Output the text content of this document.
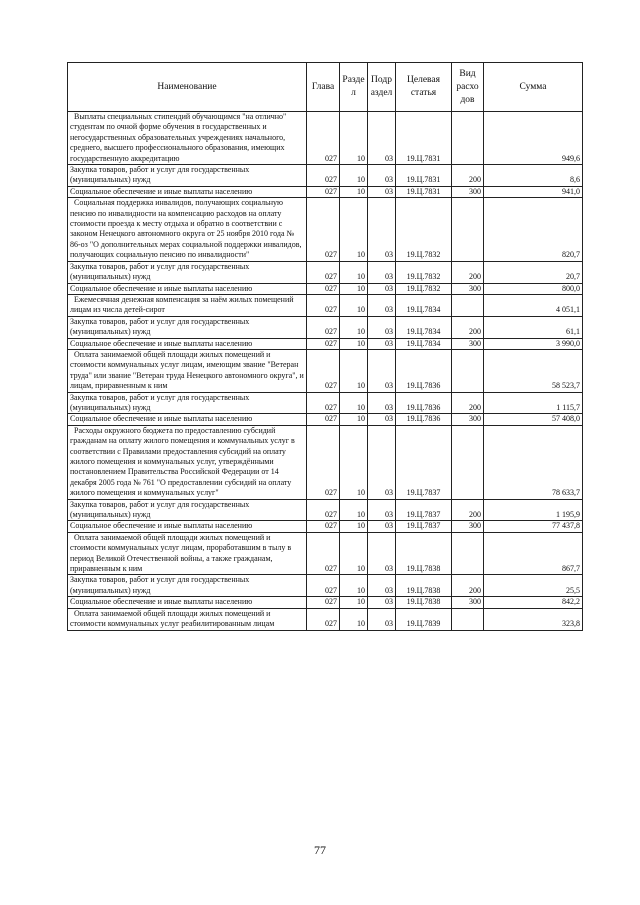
Наименование	Глава	Разде л	Подр аздел	Целевая статья	Вид расхо дов	Сумма
Выплаты специальных стипендий обучающимся "на отлично" студентам по очной форме обучения в государственных и негосударственных образовательных учреждениях начального, среднего, высшего профессионального образования, имеющих государственную аккредитацию	027	10	03	19.Ц.7831		949,6
Закупка товаров, работ и услуг для государственных (муниципальных) нужд	027	10	03	19.Ц.7831	200	8,6
Социальное обеспечение и иные выплаты населению	027	10	03	19.Ц.7831	300	941,0
Социальная поддержка инвалидов, получающих социальную пенсию по инвалидности на компенсацию расходов на оплату стоимости проезда к месту отдыха и обратно в соответствии с законом Ненецкого автономного округа от 25 ноября 2010 года № 86-оз "О дополнительных мерах социальной поддержки инвалидов, получающих социальную пенсию по инвалидности"	027	10	03	19.Ц.7832		820,7
Закупка товаров, работ и услуг для государственных (муниципальных) нужд	027	10	03	19.Ц.7832	200	20,7
Социальное обеспечение и иные выплаты населению	027	10	03	19.Ц.7832	300	800,0
Ежемесячная денежная компенсация за наём жилых помещений лицам из числа детей-сирот	027	10	03	19.Ц.7834		4 051,1
Закупка товаров, работ и услуг для государственных (муниципальных) нужд	027	10	03	19.Ц.7834	200	61,1
Социальное обеспечение и иные выплаты населению	027	10	03	19.Ц.7834	300	3 990,0
Оплата занимаемой общей площади жилых помещений и стоимости коммунальных услуг лицам, имеющим звание "Ветеран труда" или звание "Ветеран труда Ненецкого автономного округа", и лицам, приравненным к ним	027	10	03	19.Ц.7836		58 523,7
Закупка товаров, работ и услуг для государственных (муниципальных) нужд	027	10	03	19.Ц.7836	200	1 115,7
Социальное обеспечение и иные выплаты населению	027	10	03	19.Ц.7836	300	57 408,0
Расходы окружного бюджета по предоставлению субсидий гражданам на оплату жилого помещения и коммунальных услуг в соответствии с Правилами предоставления субсидий на оплату жилого помещения и коммунальных услуг, утверждёнными постановлением Правительства Российской Федерации от 14 декабря 2005 года № 761 "О предоставлении субсидий на оплату жилого помещения и коммунальных услуг"	027	10	03	19.Ц.7837		78 633,7
Закупка товаров, работ и услуг для государственных (муниципальных) нужд	027	10	03	19.Ц.7837	200	1 195,9
Социальное обеспечение и иные выплаты населению	027	10	03	19.Ц.7837	300	77 437,8
Оплата занимаемой общей площади жилых помещений и стоимости коммунальных услуг лицам, проработавшим в тылу в период Великой Отечественной войны, а также гражданам, приравненным к ним	027	10	03	19.Ц.7838		867,7
Закупка товаров, работ и услуг для государственных (муниципальных) нужд	027	10	03	19.Ц.7838	200	25,5
Социальное обеспечение и иные выплаты населению	027	10	03	19.Ц.7838	300	842,2
Оплата занимаемой общей площади жилых помещений и стоимости коммунальных услуг реабилитированным лицам	027	10	03	19.Ц.7839		323,8
77
